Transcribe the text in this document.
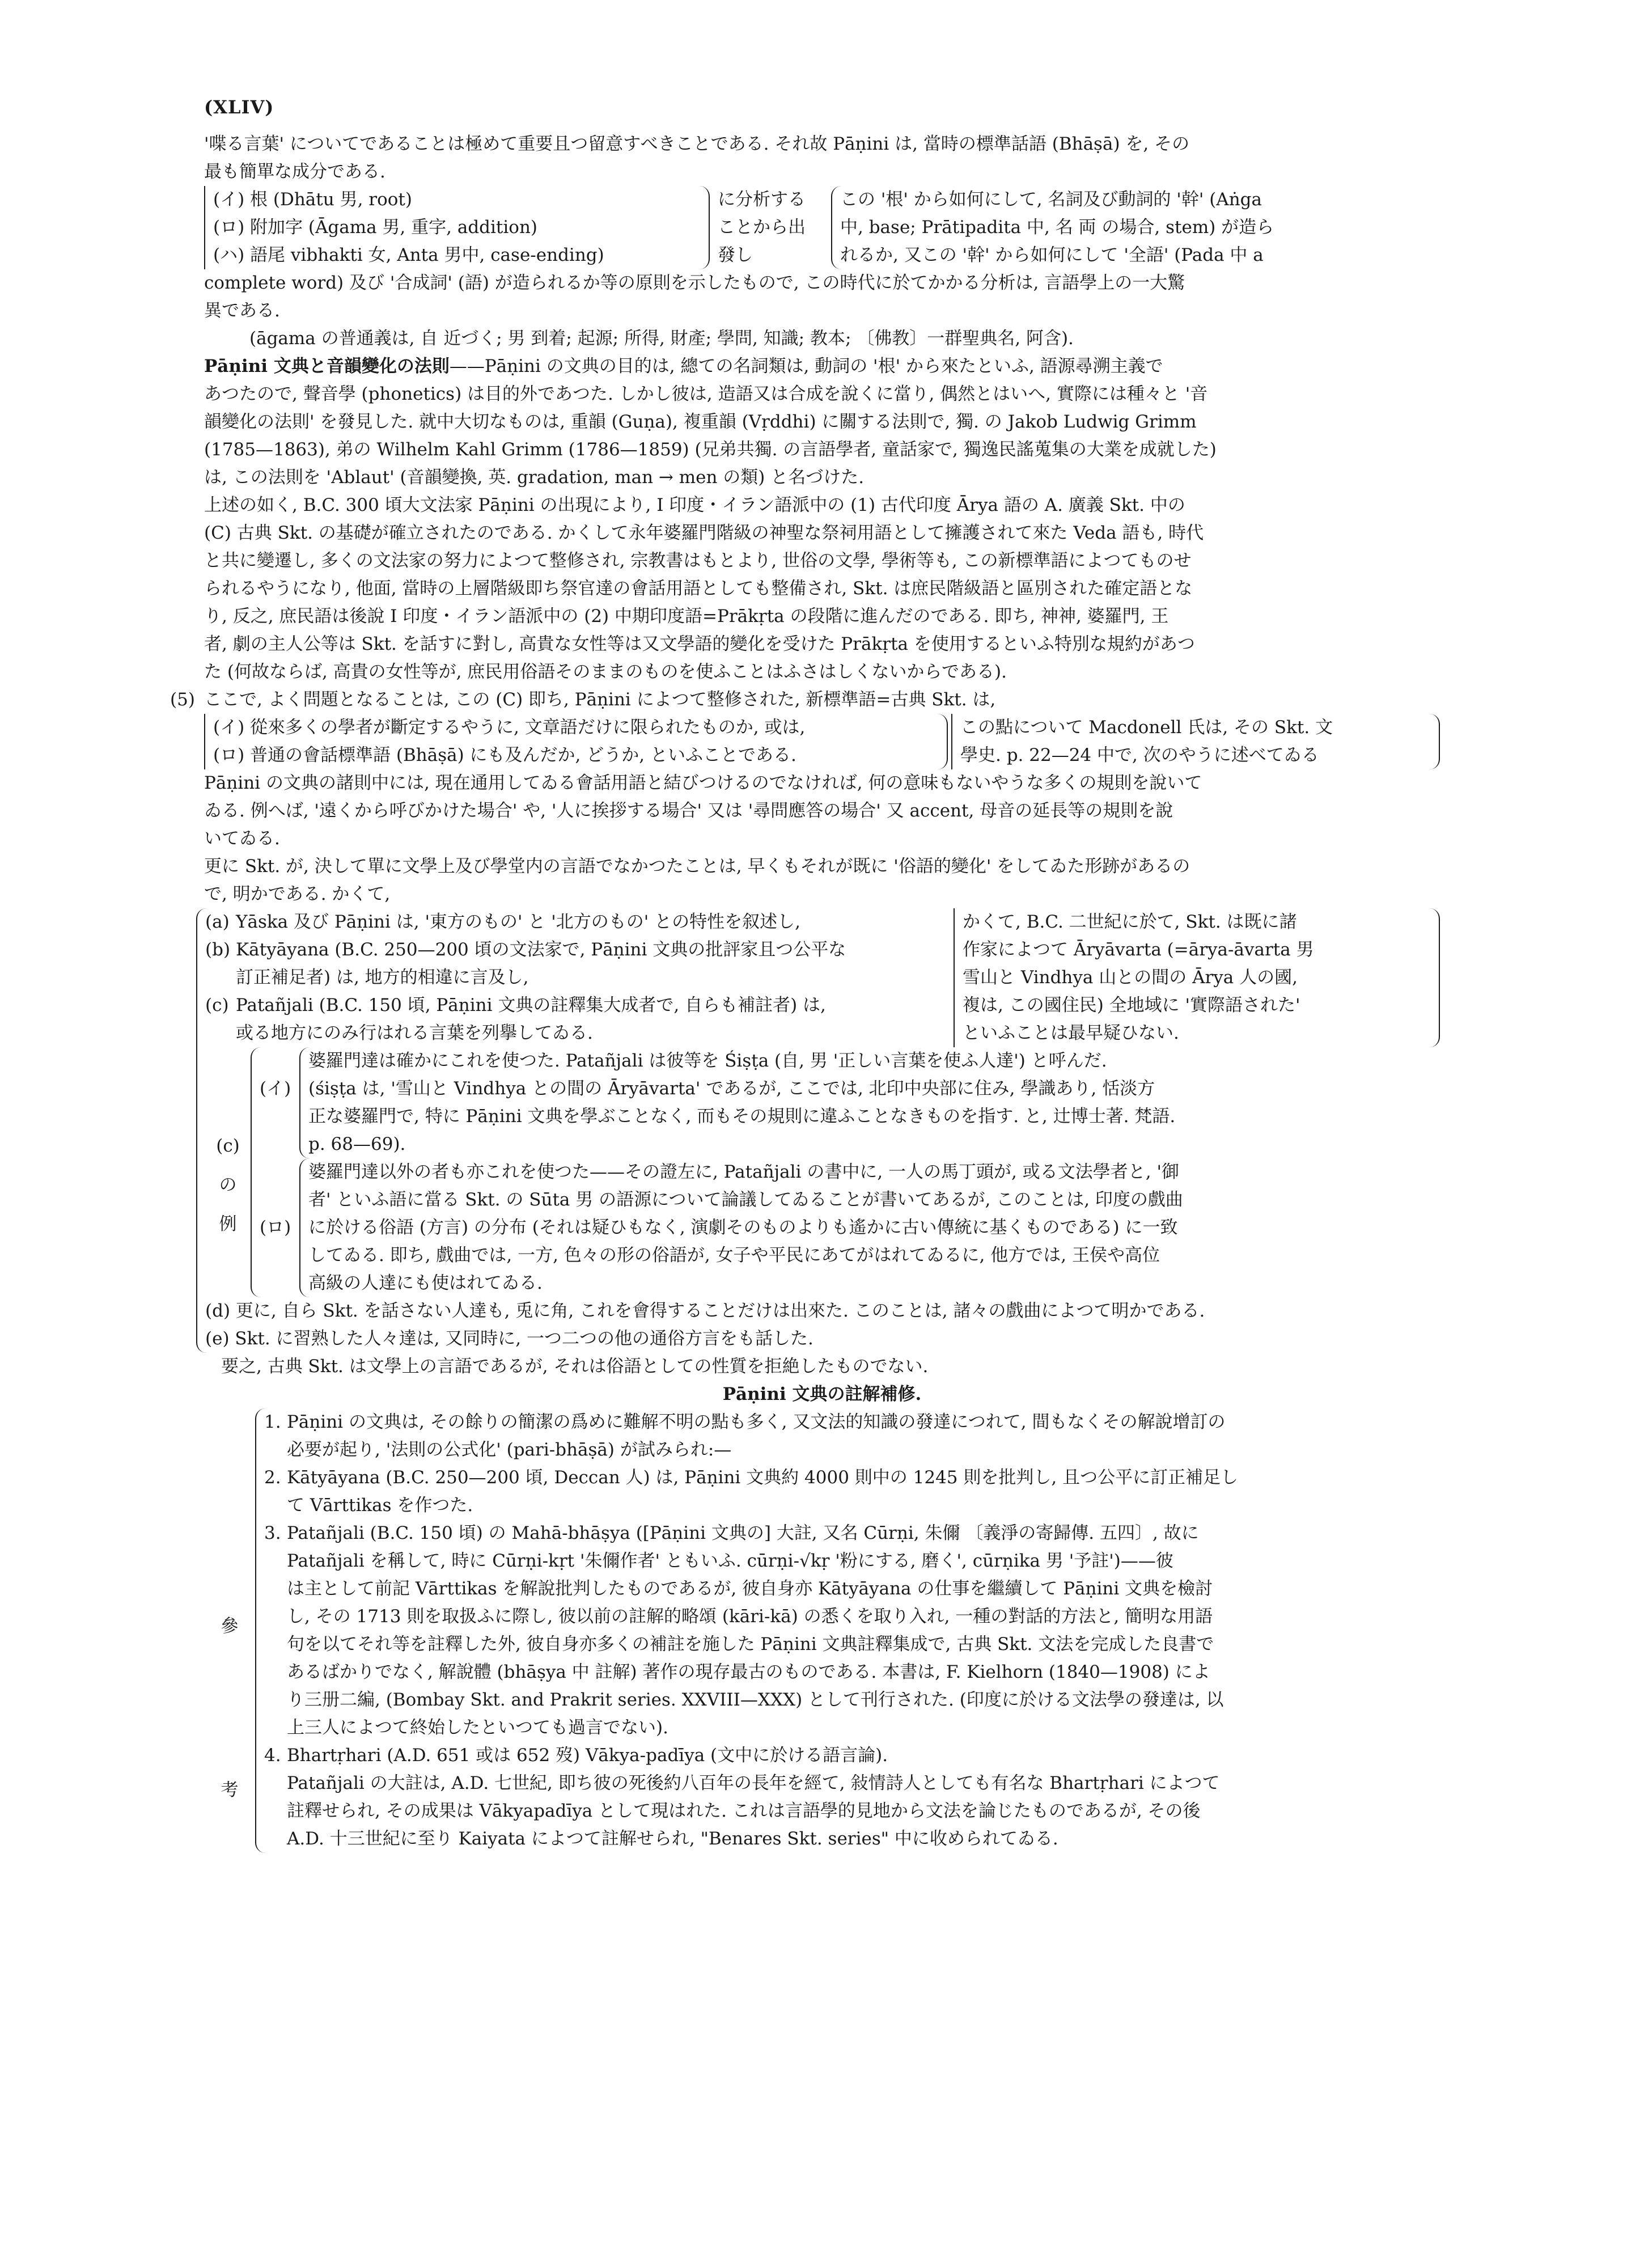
(XLIV)

'喋る言葉' についてであることは極めて重要且つ留意すべきことである. それ故 Pāṇini は, 當時の標準話語 (Bhāṣā) を, その

最も簡單な成分である.

(イ) 根 (Dhātu 男, root)

(ロ) 附加字 (Āgama 男, 重字, addition)

(ハ) 語尾 vibhakti 女, Anta 男中, case-ending)

に分析する

ことから出

發し

この '根' から如何にして, 名詞及び動詞的 '幹' (Aṅga

中, base; Prātipadita 中, 名 両 の場合, stem) が造ら

れるか, 又この '幹' から如何にして '全語' (Pada 中 a

complete word) 及び '合成詞' (語) が造られるか等の原則を示したもので, この時代に於てかかる分析は, 言語學上の一大驚

異である.

(āgama の普通義は, 自 近づく; 男 到着; 起源; 所得, 財產; 學問, 知識; 教本; 〔佛教〕一群聖典名, 阿含).

Pāṇini 文典と音韻變化の法則——Pāṇini の文典の目的は, 總ての名詞類は, 動詞の '根' から來たといふ, 語源尋溯主義で

あつたので, 聲音學 (phonetics) は目的外であつた. しかし彼は, 造語又は合成を說くに當り, 偶然とはいへ, 實際には種々と '音

韻變化の法則' を發見した. 就中大切なものは, 重韻 (Guṇa), 複重韻 (Vṛddhi) に關する法則で, 獨. の Jakob Ludwig Grimm

(1785—1863), 弟の Wilhelm Kahl Grimm (1786—1859) (兄弟共獨. の言語學者, 童話家で, 獨逸民謠蒐集の大業を成就した)

は, この法則を 'Ablaut' (音韻變換, 英. gradation, man → men の類) と名づけた.

上述の如く, B.C. 300 頃大文法家 Pāṇini の出現により, I 印度・イラン語派中の (1) 古代印度 Ārya 語の A. 廣義 Skt. 中の

(C) 古典 Skt. の基礎が確立されたのである. かくして永年婆羅門階級の神聖な祭祠用語として擁護されて來た Veda 語も, 時代

と共に變遷し, 多くの文法家の努力によつて整修され, 宗教書はもとより, 世俗の文學, 學術等も, この新標準語によつてものせ

られるやうになり, 他面, 當時の上層階級即ち祭官達の會話用語としても整備され, Skt. は庶民階級語と區別された確定語とな

り, 反之, 庶民語は後說 I 印度・イラン語派中の (2) 中期印度語=Prākṛta の段階に進んだのである. 即ち, 神神, 婆羅門, 王

者, 劇の主人公等は Skt. を話すに對し, 高貴な女性等は又文學語的變化を受けた Prākṛta を使用するといふ特別な規約があつ

た (何故ならば, 高貴の女性等が, 庶民用俗語そのままのものを使ふことはふさはしくないからである).

(5) ここで, よく問題となることは, この (C) 即ち, Pāṇini によつて整修された, 新標準語=古典 Skt. は,

(イ) 從來多くの學者が斷定するやうに, 文章語だけに限られたものか, 或は,

(ロ) 普通の會話標準語 (Bhāṣā) にも及んだか, どうか, といふことである.

この點について Macdonell 氏は, その Skt. 文

學史. p. 22—24 中で, 次のやうに述べてゐる

Pāṇini の文典の諸則中には, 現在通用してゐる會話用語と結びつけるのでなければ, 何の意味もないやうな多くの規則を說いて

ゐる. 例へば, '遠くから呼びかけた場合' や, '人に挨拶する場合' 又は '尋問應答の場合' 又 accent, 母音の延長等の規則を說

いてゐる.

更に Skt. が, 決して單に文學上及び學堂内の言語でなかつたことは, 早くもそれが既に '俗語的變化' をしてゐた形跡があるの

で, 明かである. かくて,

(a) Yāska 及び Pāṇini は, '東方のもの' と '北方のもの' との特性を叙述し,

(b) Kātyāyana (B.C. 250—200 頃の文法家で, Pāṇini 文典の批評家且つ公平な

訂正補足者) は, 地方的相違に言及し,

(c) Patañjali (B.C. 150 頃, Pāṇini 文典の註釋集大成者で, 自らも補註者) は,

或る地方にのみ行はれる言葉を列擧してゐる.

かくて, B.C. 二世紀に於て, Skt. は既に諸

作家によつて Āryāvarta (=ārya-āvarta 男

雪山と Vindhya 山との間の Ārya 人の國,

複は, この國住民) 全地域に '實際語された'

といふことは最早疑ひない.

(c)

の

例

(イ)

婆羅門達は確かにこれを使つた. Patañjali は彼等を Śiṣṭa (自, 男 '正しい言葉を使ふ人達') と呼んだ.

(śiṣṭa は, '雪山と Vindhya との間の Āryāvarta' であるが, ここでは, 北印中央部に住み, 學識あり, 恬淡方

正な婆羅門で, 特に Pāṇini 文典を學ぶことなく, 而もその規則に違ふことなきものを指す. と, 辻博士著. 梵語.

p. 68—69).

(ロ)

婆羅門達以外の者も亦これを使つた——その證左に, Patañjali の書中に, 一人の馬丁頭が, 或る文法學者と, '御

者' といふ語に當る Skt. の Sūta 男 の語源について論議してゐることが書いてあるが, このことは, 印度の戲曲

に於ける俗語 (方言) の分布 (それは疑ひもなく, 演劇そのものよりも遙かに古い傳統に基くものである) に一致

してゐる. 即ち, 戲曲では, 一方, 色々の形の俗語が, 女子や平民にあてがはれてゐるに, 他方では, 王侯や高位

高級の人達にも使はれてゐる.

(d) 更に, 自ら Skt. を話さない人達も, 兎に角, これを會得することだけは出來た. このことは, 諸々の戲曲によつて明かである.

(e) Skt. に習熟した人々達は, 又同時に, 一つ二つの他の通俗方言をも話した.

要之, 古典 Skt. は文學上の言語であるが, それは俗語としての性質を拒絶したものでない.

Pāṇini 文典の註解補修.

參

考

1. Pāṇini の文典は, その餘りの簡潔の爲めに難解不明の點も多く, 又文法的知識の發達につれて, 間もなくその解說增訂の

必要が起り, '法則の公式化' (pari-bhāṣā) が試みられ:—

2. Kātyāyana (B.C. 250—200 頃, Deccan 人) は, Pāṇini 文典約 4000 則中の 1245 則を批判し, 且つ公平に訂正補足し

て Vārttikas を作つた.

3. Patañjali (B.C. 150 頃) の Mahā-bhāṣya ([Pāṇini 文典の] 大註, 又名 Cūrṇi, 朱儞 〔義淨の寄歸傳. 五四〕, 故に

Patañjali を稱して, 時に Cūrṇi-kṛt '朱儞作者' ともいふ. cūrṇi-√kṛ '粉にする, 磨く', cūrṇika 男 '予註')——彼

は主として前記 Vārttikas を解說批判したものであるが, 彼自身亦 Kātyāyana の仕事を繼續して Pāṇini 文典を檢討

し, その 1713 則を取扱ふに際し, 彼以前の註解的略頌 (kāri-kā) の悉くを取り入れ, 一種の對話的方法と, 簡明な用語

句を以てそれ等を註釋した外, 彼自身亦多くの補註を施した Pāṇini 文典註釋集成で, 古典 Skt. 文法を完成した良書で

あるばかりでなく, 解說體 (bhāṣya 中 註解) 著作の現存最古のものである. 本書は, F. Kielhorn (1840—1908) によ

り三册二編, (Bombay Skt. and Prakrit series. XXVIII—XXX) として刊行された. (印度に於ける文法學の發達は, 以

上三人によつて終始したといつても過言でない).

4. Bhartṛhari (A.D. 651 或は 652 歿) Vākya-padīya (文中に於ける語言論).

Patañjali の大註は, A.D. 七世紀, 即ち彼の死後約八百年の長年を經て, 敍情詩人としても有名な Bhartṛhari によつて

註釋せられ, その成果は Vākyapadīya として現はれた. これは言語學的見地から文法を論じたものであるが, その後

A.D. 十三世紀に至り Kaiyata によつて註解せられ, "Benares Skt. series" 中に收められてゐる.
